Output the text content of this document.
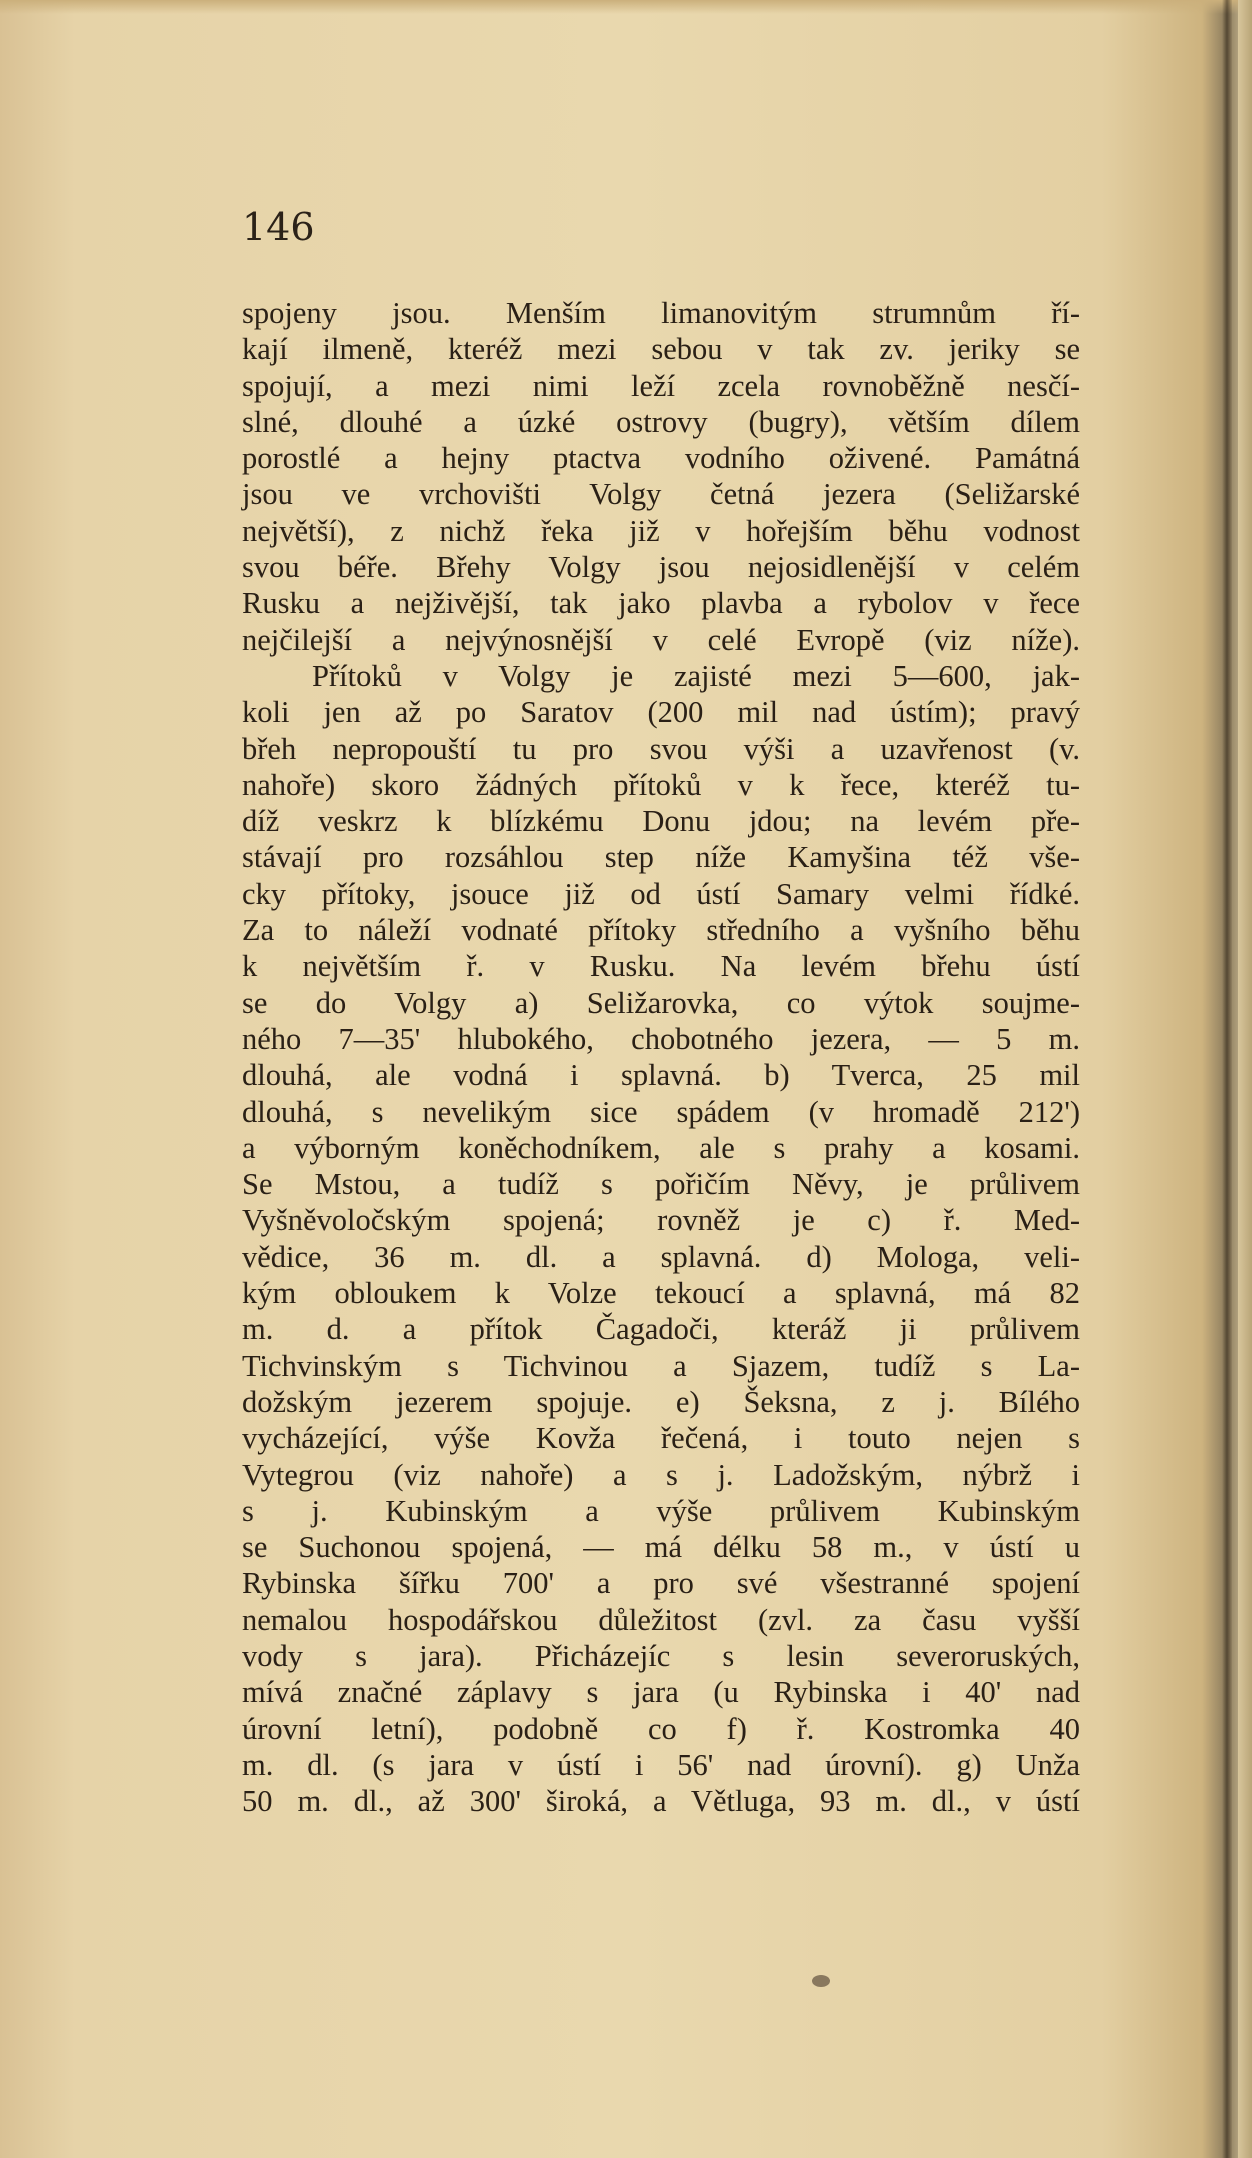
146
spojeny jsou. Menším limanovitým strumnům ří-
kají ilmeně, kteréž mezi sebou v tak zv. jeriky se
spojují, a mezi nimi leží zcela rovnoběžně nesčí-
slné, dlouhé a úzké ostrovy (bugry), větším dílem
porostlé a hejny ptactva vodního oživené. Památná
jsou ve vrchovišti Volgy četná jezera (Seližarské
největší), z nichž řeka již v hořejším běhu vodnost
svou béře. Břehy Volgy jsou nejosidlenější v celém
Rusku a nejživější, tak jako plavba a rybolov v řece
nejčilejší a nejvýnosnější v celé Evropě (viz níže).
Přítoků v Volgy je zajisté mezi 5—600, jak-
koli jen až po Saratov (200 mil nad ústím); pravý
břeh nepropouští tu pro svou výši a uzavřenost (v.
nahoře) skoro žádných přítoků v k řece, kteréž tu-
díž veskrz k blízkému Donu jdou; na levém pře-
stávají pro rozsáhlou step níže Kamyšina též vše-
cky přítoky, jsouce již od ústí Samary velmi řídké.
Za to náleží vodnaté přítoky středního a vyšního běhu
k největším ř. v Rusku. Na levém břehu ústí
se do Volgy a) Seližarovka, co výtok soujme-
ného 7—35' hlubokého, chobotného jezera, — 5 m.
dlouhá, ale vodná i splavná. b) Tverca, 25 mil
dlouhá, s nevelikým sice spádem (v hromadě 212')
a výborným koněchodníkem, ale s prahy a kosami.
Se Mstou, a tudíž s pořičím Něvy, je průlivem
Vyšněvoločským spojená; rovněž je c) ř. Med-
vědice, 36 m. dl. a splavná. d) Mologa, veli-
kým obloukem k Volze tekoucí a splavná, má 82
m. d. a přítok Čagadoči, kteráž ji průlivem
Tichvinským s Tichvinou a Sjazem, tudíž s La-
dožským jezerem spojuje. e) Šeksna, z j. Bílého
vycházející, výše Kovža řečená, i touto nejen s
Vytegrou (viz nahoře) a s j. Ladožským, nýbrž i
s j. Kubinským a výše průlivem Kubinským
se Suchonou spojená, — má délku 58 m., v ústí u
Rybinska šířku 700' a pro své všestranné spojení
nemalou hospodářskou důležitost (zvl. za času vyšší
vody s jara). Přicházejíc s lesin severoruských,
mívá značné záplavy s jara (u Rybinska i 40' nad
úrovní letní), podobně co f) ř. Kostromka 40
m. dl. (s jara v ústí i 56' nad úrovní). g) Unža
50 m. dl., až 300' široká, a Větluga, 93 m. dl., v ústí
